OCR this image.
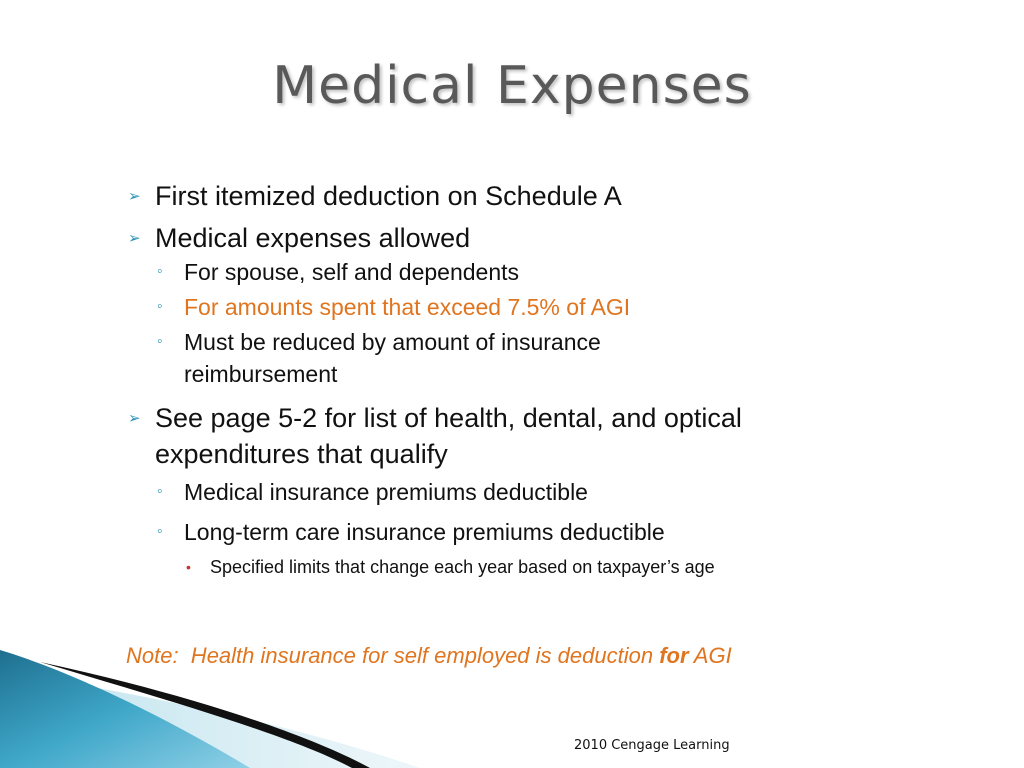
Medical Expenses
➢ First itemized deduction on Schedule A
➢ Medical expenses allowed
◦ For spouse, self and dependents
◦ For amounts spent that exceed 7.5% of AGI
◦ Must be reduced by amount of insurance reimbursement
➢ See page 5-2 for list of health, dental, and optical expenditures that qualify
◦ Medical insurance premiums deductible
◦ Long-term care insurance premiums deductible
• Specified limits that change each year based on taxpayer’s age
Note:  Health insurance for self employed is deduction for AGI
2010 Cengage Learning
